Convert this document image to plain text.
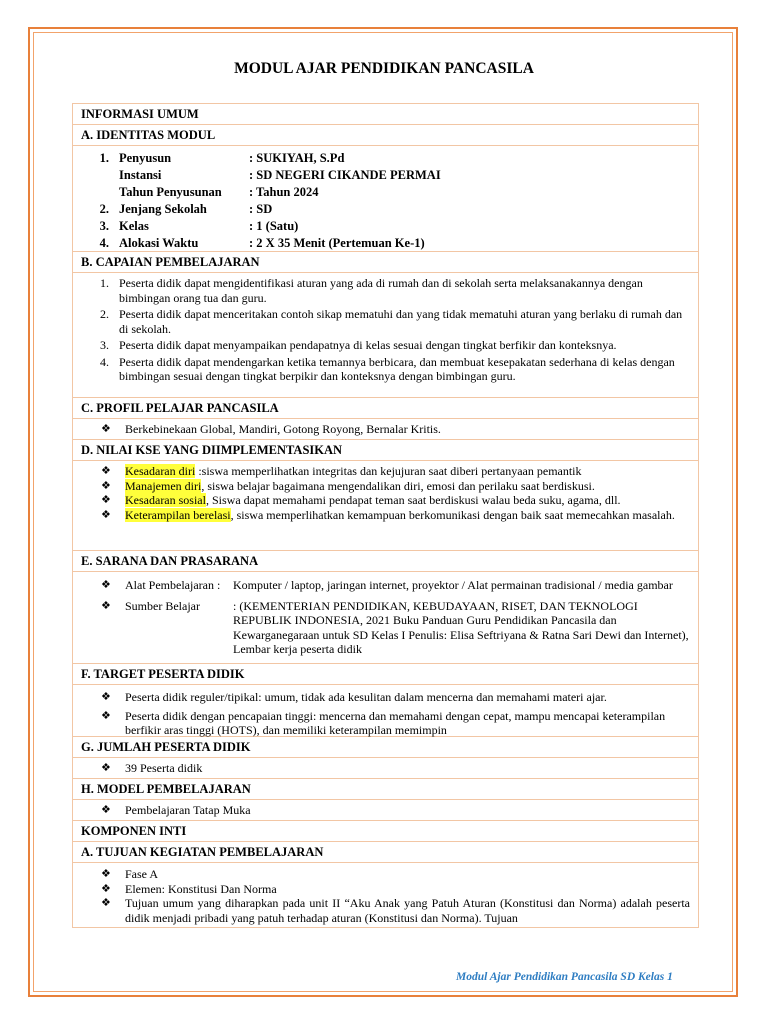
MODUL AJAR PENDIDIKAN PANCASILA
INFORMASI UMUM
A. IDENTITAS MODUL
1. Penyusun	: SUKIYAH, S.Pd
Instansi	: SD NEGERI CIKANDE PERMAI
Tahun Penyusunan	: Tahun 2024
2. Jenjang Sekolah	: SD
3. Kelas	: 1 (Satu)
4. Alokasi Waktu	: 2 X 35 Menit (Pertemuan Ke-1)
B. CAPAIAN PEMBELAJARAN
1. Peserta didik dapat mengidentifikasi aturan yang ada di rumah dan di sekolah serta melaksanakannya dengan bimbingan orang tua dan guru.
2. Peserta didik dapat menceritakan contoh sikap mematuhi dan yang tidak mematuhi aturan yang berlaku di rumah dan di sekolah.
3. Peserta didik dapat menyampaikan pendapatnya di kelas sesuai dengan tingkat berfikir dan konteksnya.
4. Peserta didik dapat mendengarkan ketika temannya berbicara, dan membuat kesepakatan sederhana di kelas dengan bimbingan sesuai dengan tingkat berpikir dan konteksnya dengan bimbingan guru.
C. PROFIL PELAJAR PANCASILA
❖	Berkebinekaan Global, Mandiri, Gotong Royong, Bernalar Kritis.
D. NILAI KSE YANG DIIMPLEMENTASIKAN
❖	Kesadaran diri :siswa memperlihatkan integritas dan kejujuran saat diberi pertanyaan pemantik
❖	Manajemen diri, siswa belajar bagaimana mengendalikan diri, emosi dan perilaku saat berdiskusi.
❖	Kesadaran sosial, Siswa dapat memahami pendapat teman saat berdiskusi walau beda suku, agama, dll.
❖	Keterampilan berelasi, siswa memperlihatkan kemampuan berkomunikasi dengan baik saat memecahkan masalah.
E. SARANA DAN PRASARANA
❖	Alat Pembelajaran :	Komputer / laptop, jaringan internet, proyektor / Alat permainan tradisional / media gambar
❖	Sumber Belajar	: (KEMENTERIAN PENDIDIKAN, KEBUDAYAAN, RISET, DAN TEKNOLOGI REPUBLIK INDONESIA, 2021 Buku Panduan Guru Pendidikan Pancasila dan Kewarganegaraan untuk SD Kelas I Penulis: Elisa Seftriyana & Ratna Sari Dewi dan Internet), Lembar kerja peserta didik
F. TARGET PESERTA DIDIK
❖	Peserta didik reguler/tipikal: umum, tidak ada kesulitan dalam mencerna dan memahami materi ajar.
❖	Peserta didik dengan pencapaian tinggi: mencerna dan memahami dengan cepat, mampu mencapai keterampilan berfikir aras tinggi (HOTS), dan memiliki keterampilan memimpin
G. JUMLAH PESERTA DIDIK
❖	39 Peserta didik
H. MODEL PEMBELAJARAN
❖	Pembelajaran Tatap Muka
KOMPONEN INTI
A. TUJUAN KEGIATAN PEMBELAJARAN
❖	Fase A
❖	Elemen: Konstitusi Dan Norma
❖	Tujuan umum yang diharapkan pada unit II “Aku Anak yang Patuh Aturan (Konstitusi dan Norma) adalah peserta didik menjadi pribadi yang patuh terhadap aturan (Konstitusi dan Norma). Tujuan
Modul Ajar Pendidikan Pancasila SD Kelas 1
